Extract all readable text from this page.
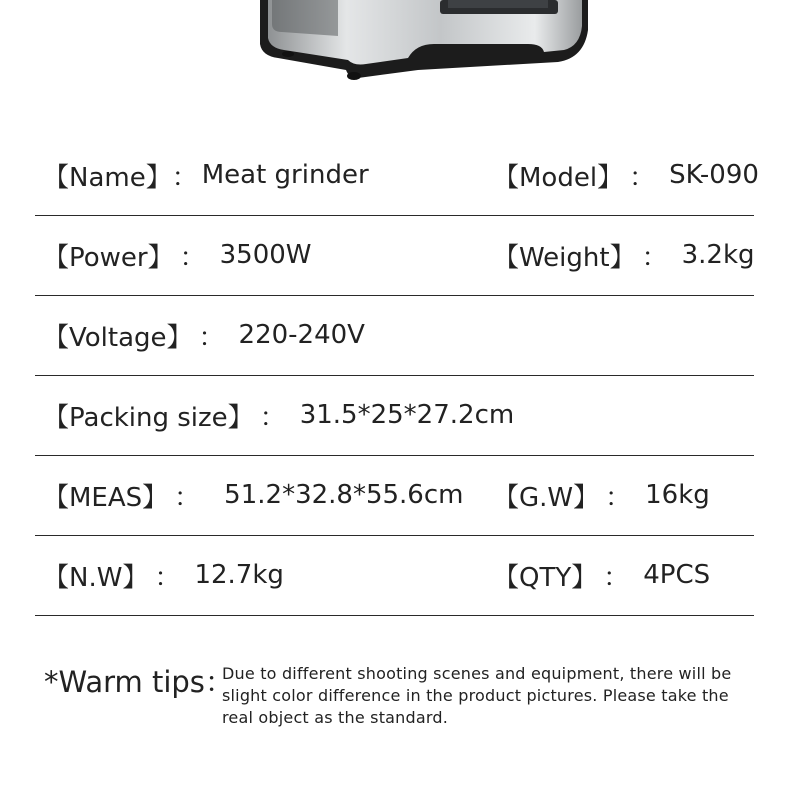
【Name】 ： Meat grinder	【Model】 ： SK-090
【Power】 ： 3500W	【Weight】 ： 3.2kg
【Voltage】 ： 220-240V
【Packing size】 ： 31.5*25*27.2cm
【MEAS】 ： 51.2*32.8*55.6cm 【G.W】 ： 16kg
【N.W】 ： 12.7kg	【QTY】 ： 4PCS
*Warm tips：
Due to different shooting scenes and equipment, there will be slight color difference in the product pictures. Please take the real object as the standard.
